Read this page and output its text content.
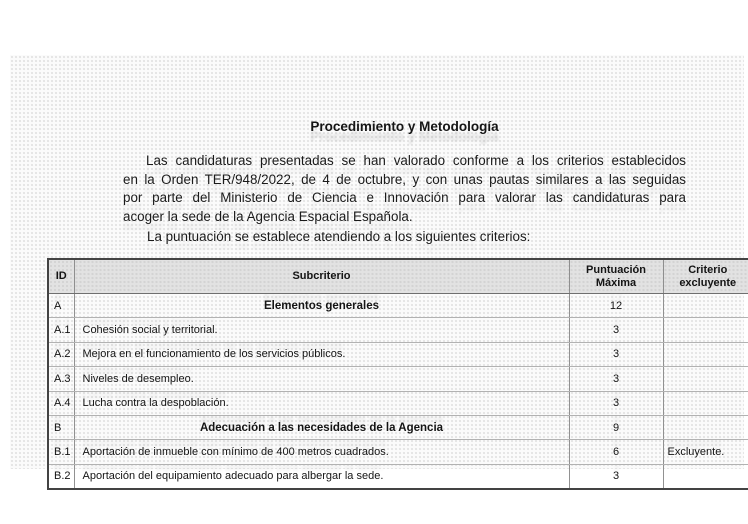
Procedimiento y Metodología
Las candidaturas presentadas se han valorado conforme a los criterios establecidos
en la Orden TER/948/2022, de 4 de octubre, y con unas pautas similares a las seguidas
por parte del Ministerio de Ciencia e Innovación para valorar las candidaturas para
acoger la sede de la Agencia Espacial Española.
La puntuación se establece atendiendo a los siguientes criterios:
ID	Subcriterio	Puntuación Máxima	Criterio excluyente
A	Elementos generales	12	
A.1	Cohesión social y territorial.	3	
A.2	Mejora en el funcionamiento de los servicios públicos.	3	
A.3	Niveles de desempleo.	3	
A.4	Lucha contra la despoblación.	3	
B	Adecuación a las necesidades de la Agencia	9	
B.1	Aportación de inmueble con mínimo de 400 metros cuadrados.	6	Excluyente.
B.2	Aportación del equipamiento adecuado para albergar la sede.	3	
